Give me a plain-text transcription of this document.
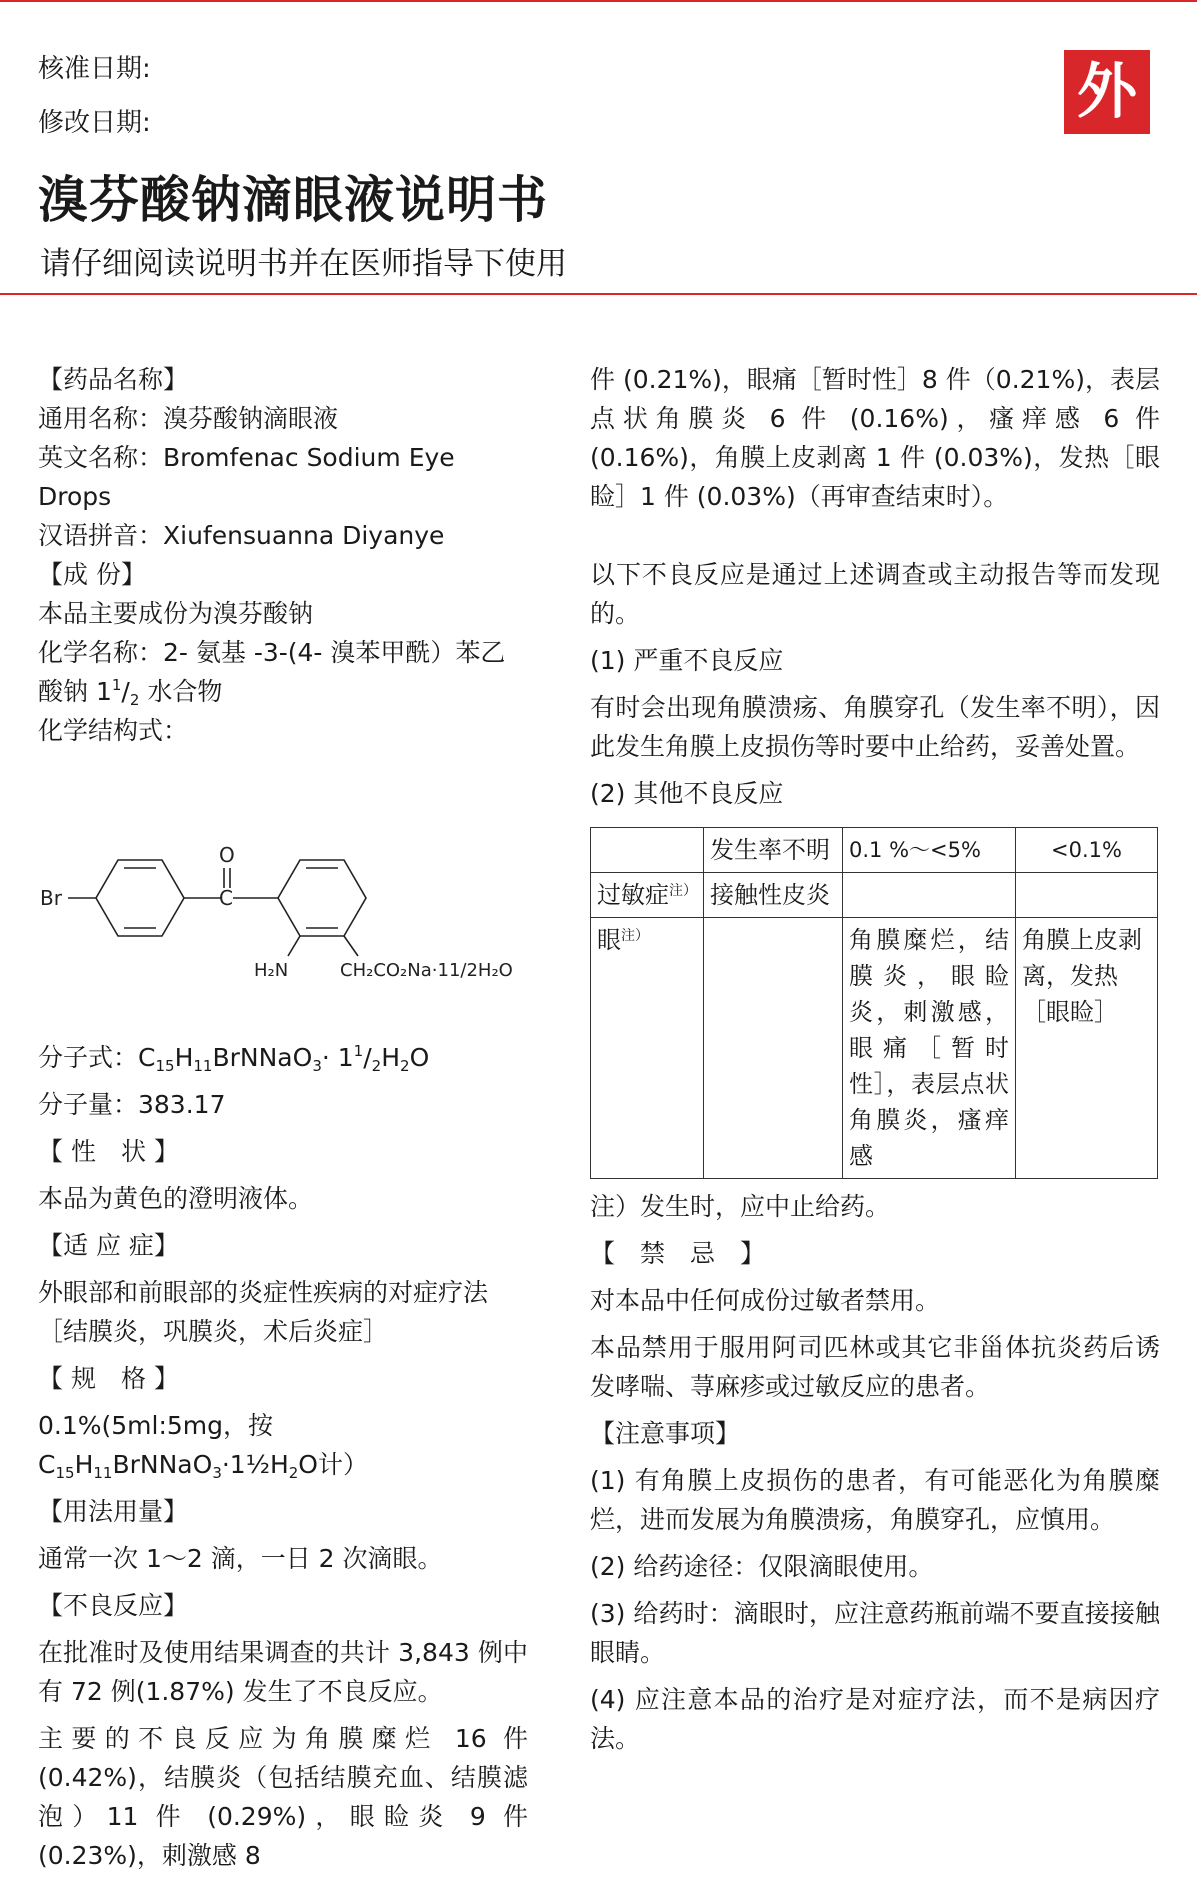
核准日期:
修改日期:	外
溴芬酸钠滴眼液说明书

请仔细阅读说明书并在医师指导下使用

【药品名称】

通用名称：溴芬酸钠滴眼液

英文名称：Bromfenac Sodium Eye Drops

汉语拼音：Xiufensuanna Diyanye

【成 份】

本品主要成份为溴芬酸钠

化学名称：2- 氨基 -3-(4- 溴苯甲酰）苯乙

酸钠 $1^1/_2$ 水合物

化学结构式：

Br
O
C
H₂N	CH₂CO₂Na·11/2H₂O

分子式：$C_{15}H_{11}BrNNaO_3\cdot 1^1/_2H_2O$

分子量：383.17

【 性　状 】

本品为黄色的澄明液体。

【适 应 症】

外眼部和前眼部的炎症性疾病的对症疗法［结膜炎，巩膜炎，术后炎症］

【 规　格 】

0.1%(5ml:5mg，按$C_{15}H_{11}BrNNaO_3\cdot 1\frac{1}{2}H_2O$计）

【用法用量】

通常一次 1～2 滴，一日 2 次滴眼。

【不良反应】

在批准时及使用结果调查的共计 3,843 例中有 72 例(1.87%) 发生了不良反应。

主要的不良反应为角膜糜烂 16 件 (0.42%)，结膜炎（包括结膜充血、结膜滤泡）11 件 (0.29%)，眼睑炎 9 件 (0.23%)，刺激感 8

件 (0.21%)，眼痛［暂时性］8 件（0.21%)，表层点状角膜炎 6 件 (0.16%)，瘙痒感 6 件 (0.16%)，角膜上皮剥离 1 件 (0.03%)，发热［眼睑］1 件 (0.03%)（再审查结束时）。

以下不良反应是通过上述调查或主动报告等而发现的。

(1) 严重不良反应

有时会出现角膜溃疡、角膜穿孔（发生率不明），因此发生角膜上皮损伤等时要中止给药，妥善处置。

(2) 其他不良反应

	发生率不明	0.1 %～<5%	<0.1%
过敏症$^{注)}$	接触性皮炎		
眼$^{注)}$		角膜糜烂，结膜炎，眼睑炎，刺激感，眼痛［暂时性］，表层点状角膜炎，瘙痒感	角膜上皮剥离，发热［眼睑］

注）发生时，应中止给药。

【　禁　忌　】

对本品中任何成份过敏者禁用。

本品禁用于服用阿司匹林或其它非甾体抗炎药后诱发哮喘、荨麻疹或过敏反应的患者。

【注意事项】

(1) 有角膜上皮损伤的患者，有可能恶化为角膜糜烂，进而发展为角膜溃疡，角膜穿孔，应慎用。

(2) 给药途径：仅限滴眼使用。

(3) 给药时：滴眼时，应注意药瓶前端不要直接接触眼睛。

(4) 应注意本品的治疗是对症疗法，而不是病因疗法。
